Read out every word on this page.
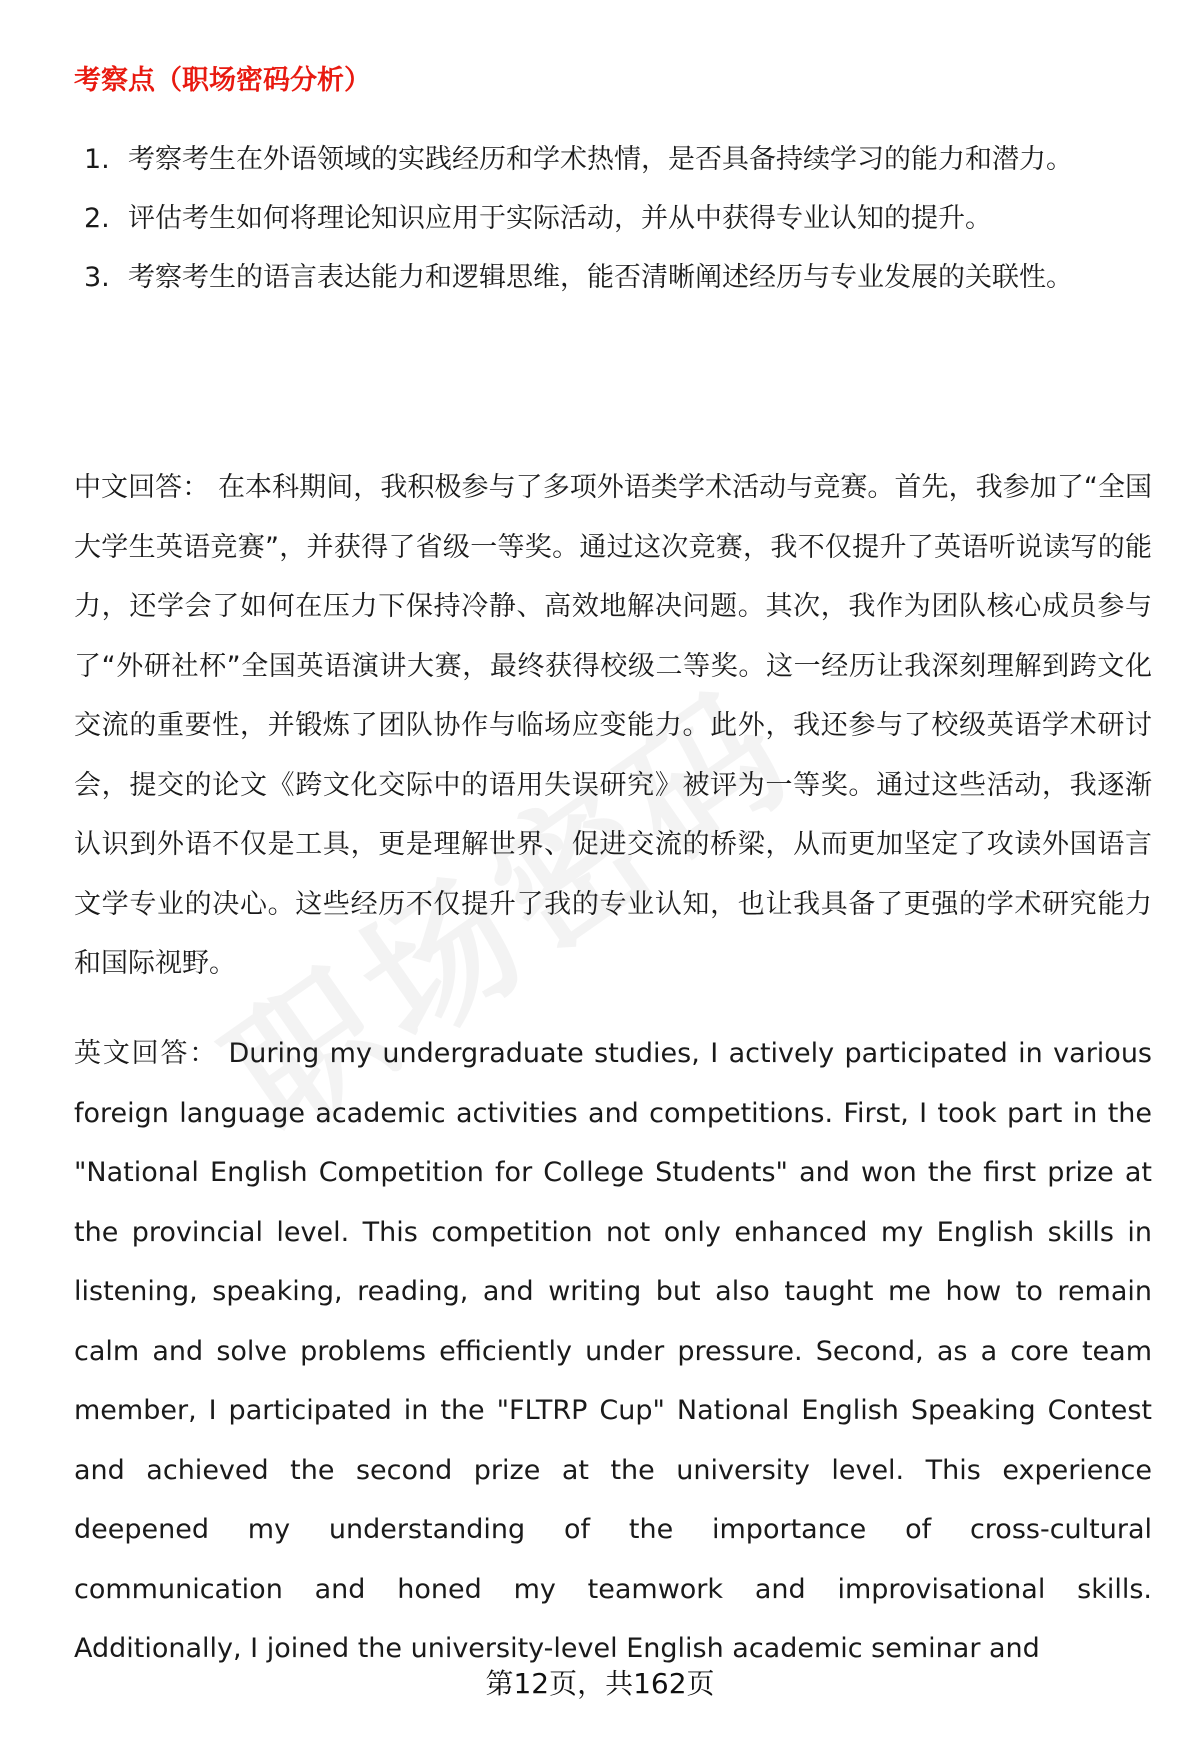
考察点（职场密码分析）
1. 考察考生在外语领域的实践经历和学术热情，是否具备持续学习的能力和潜力。
2. 评估考生如何将理论知识应用于实际活动，并从中获得专业认知的提升。
3. 考察考生的语言表达能力和逻辑思维，能否清晰阐述经历与专业发展的关联性。

中文回答： 在本科期间，我积极参与了多项外语类学术活动与竞赛。首先，我参加了“全国大学生英语竞赛”，并获得了省级一等奖。通过这次竞赛，我不仅提升了英语听说读写的能力，还学会了如何在压力下保持冷静、高效地解决问题。其次，我作为团队核心成员参与了“外研社杯”全国英语演讲大赛，最终获得校级二等奖。这一经历让我深刻理解到跨文化交流的重要性，并锻炼了团队协作与临场应变能力。此外，我还参与了校级英语学术研讨会，提交的论文《跨文化交际中的语用失误研究》被评为一等奖。通过这些活动，我逐渐认识到外语不仅是工具，更是理解世界、促进交流的桥梁，从而更加坚定了攻读外国语言文学专业的决心。这些经历不仅提升了我的专业认知，也让我具备了更强的学术研究能力和国际视野。

英文回答： During my undergraduate studies, I actively participated in various foreign language academic activities and competitions. First, I took part in the "National English Competition for College Students" and won the first prize at the provincial level. This competition not only enhanced my English skills in listening, speaking, reading, and writing but also taught me how to remain calm and solve problems efficiently under pressure. Second, as a core team member, I participated in the "FLTRP Cup" National English Speaking Contest and achieved the second prize at the university level. This experience deepened my understanding of the importance of cross-cultural communication and honed my teamwork and improvisational skills. Additionally, I joined the university-level English academic seminar and

第12页，共162页
